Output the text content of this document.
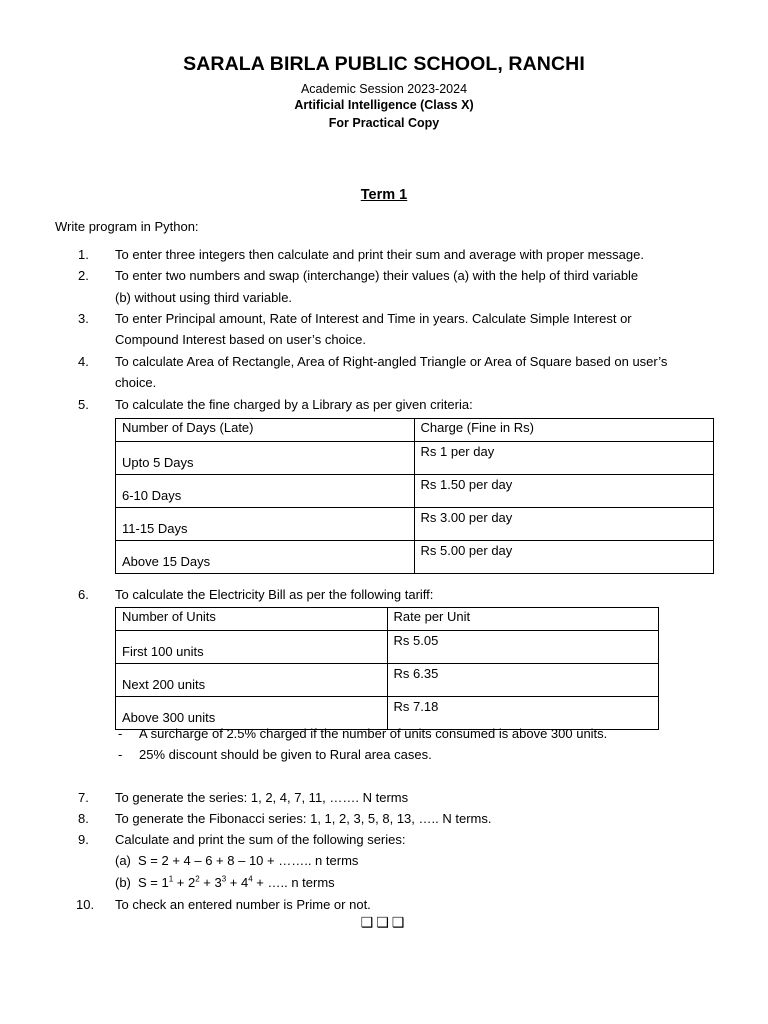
SARALA BIRLA PUBLIC SCHOOL, RANCHI
Academic Session 2023-2024
Artificial Intelligence (Class X)
For Practical Copy
Term 1
Write program in Python:
1. To enter three integers then calculate and print their sum and average with proper message.
2. To enter two numbers and swap (interchange) their values (a) with the help of third variable
(b) without using third variable.
3. To enter Principal amount, Rate of Interest and Time in years. Calculate Simple Interest or
Compound Interest based on user’s choice.
4. To calculate Area of Rectangle, Area of Right-angled Triangle or Area of Square based on user’s
choice.
5. To calculate the fine charged by a Library as per given criteria:
Number of Days (Late)	Charge (Fine in Rs)
Upto 5 Days	Rs 1 per day
6-10 Days	Rs 1.50 per day
11-15 Days	Rs 3.00 per day
Above 15 Days	Rs 5.00 per day
6. To calculate the Electricity Bill as per the following tariff:
Number of Units	Rate per Unit
First 100 units	Rs 5.05
Next 200 units	Rs 6.35
Above 300 units	Rs 7.18
- A surcharge of 2.5% charged if the number of units consumed is above 300 units.
- 25% discount should be given to Rural area cases.
7. To generate the series: 1, 2, 4, 7, 11, ……. N terms
8. To generate the Fibonacci series: 1, 1, 2, 3, 5, 8, 13, ….. N terms.
9. Calculate and print the sum of the following series:
(a) S = 2 + 4 – 6 + 8 – 10 + …….. n terms
(b) $S = 1^1 + 2^2 + 3^3 + 4^4$ + ….. n terms
10. To check an entered number is Prime or not.
❑❑❑
